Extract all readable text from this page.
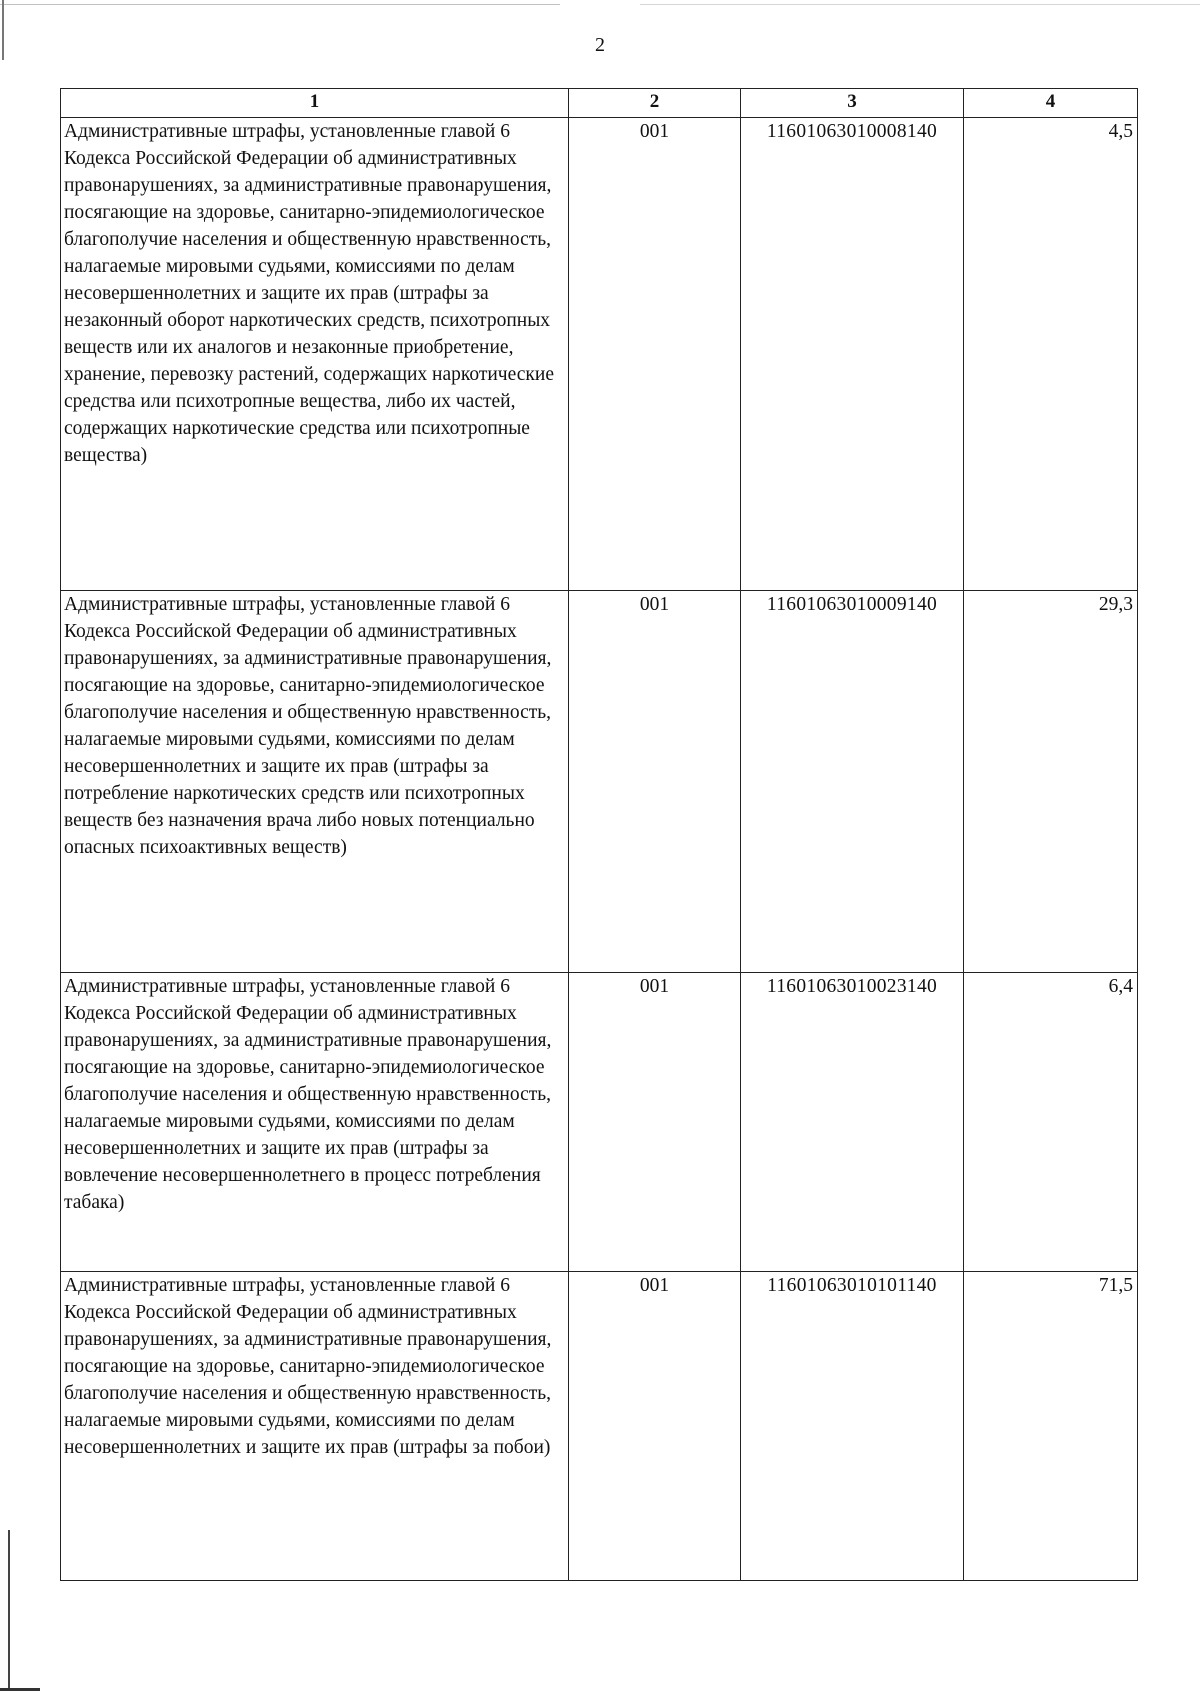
2
1	2	3	4
Административные штрафы, установленные главой 6 Кодекса Российской Федерации об административных правонарушениях, за административные правонарушения, посягающие на здоровье, санитарно-эпидемиологическое благополучие населения и общественную нравственность, налагаемые мировыми судьями, комиссиями по делам несовершеннолетних и защите их прав (штрафы за незаконный оборот наркотических средств, психотропных веществ или их аналогов и незаконные приобретение, хранение, перевозку растений, содержащих наркотические средства или психотропные вещества, либо их частей, содержащих наркотические средства или психотропные вещества)	001	11601063010008140	4,5
Административные штрафы, установленные главой 6 Кодекса Российской Федерации об административных правонарушениях, за административные правонарушения, посягающие на здоровье, санитарно-эпидемиологическое благополучие населения и общественную нравственность, налагаемые мировыми судьями, комиссиями по делам несовершеннолетних и защите их прав (штрафы за потребление наркотических средств или психотропных веществ без назначения врача либо новых потенциально опасных психоактивных веществ)	001	11601063010009140	29,3
Административные штрафы, установленные главой 6 Кодекса Российской Федерации об административных правонарушениях, за административные правонарушения, посягающие на здоровье, санитарно-эпидемиологическое благополучие населения и общественную нравственность, налагаемые мировыми судьями, комиссиями по делам несовершеннолетних и защите их прав (штрафы за вовлечение несовершеннолетнего в процесс потребления табака)	001	11601063010023140	6,4
Административные штрафы, установленные главой 6 Кодекса Российской Федерации об административных правонарушениях, за административные правонарушения, посягающие на здоровье, санитарно-эпидемиологическое благополучие населения и общественную нравственность, налагаемые мировыми судьями, комиссиями по делам несовершеннолетних и защите их прав (штрафы за побои)	001	11601063010101140	71,5
